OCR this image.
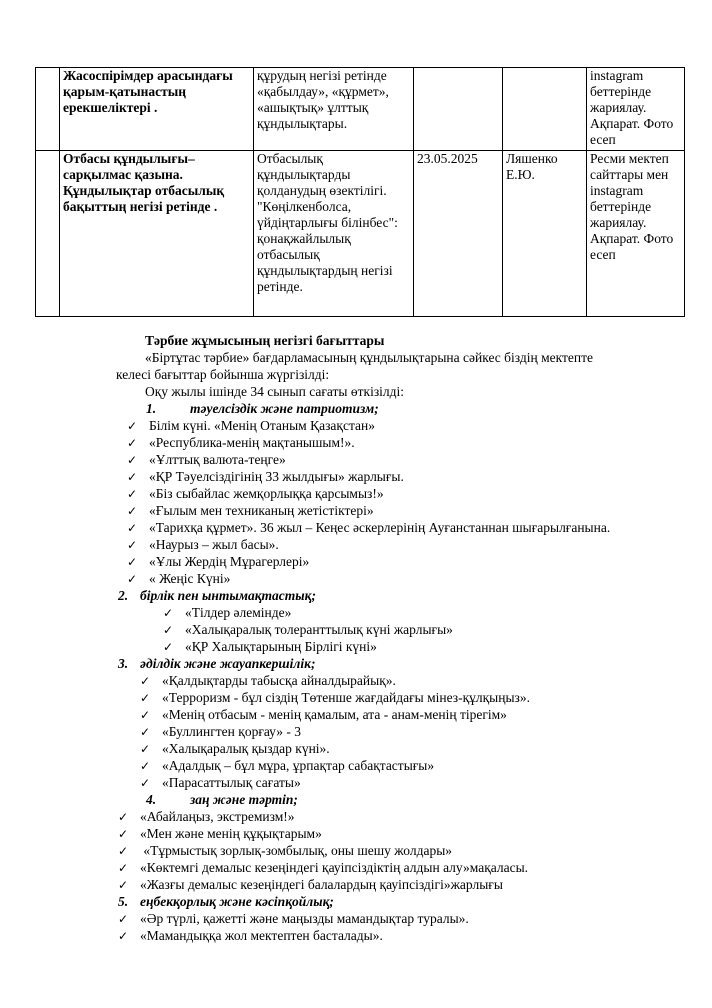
	Жасоспірімдер арасындағы қарым-қатынастың ерекшеліктері .	құрудың негізі ретінде «қабылдау», «құрмет», «ашықтық» ұлттық құндылықтары.			instagram беттерінде жариялау. Ақпарат. Фото есеп
	Отбасы құндылығы– сарқылмас қазына. Құндылықтар отбасылық бақыттың негізі ретінде .	Отбасылық құндылықтарды қолданудың өзектілігі. "Көңілкенболса, үйдіңтарлығы білінбес": қонақжайлылық отбасылық құндылықтардың негізі ретінде.	23.05.2025	Ляшенко Е.Ю.	Ресми мектеп сайттары мен instagram беттерінде жариялау. Ақпарат. Фото есеп
Тәрбие жұмысының негізгі бағыттары
«Біртұтас тәрбие» бағдарламасының құндылықтарына сәйкес біздің мектепте
келесі бағыттар бойынша жүргізілді:
Оқу жылы ішінде 34 сынып сағаты өткізілді:
1.	тәуелсіздік және патриотизм;
✓ Білім күні. «Менің Отаным Қазақстан»
✓ «Республика-менің мақтанышым!».
✓ «Ұлттық валюта-теңге»
✓ «ҚР Тәуелсіздігінің 33 жылдығы» жарлығы.
✓ «Біз сыбайлас жемқорлыққа қарсымыз!»
✓ «Ғылым мен техниканың жетістіктері»
✓ «Тарихқа құрмет». 36 жыл – Кеңес әскерлерінің Ауғанстаннан шығарылғанына.
✓ «Наурыз – жыл басы».
✓ «Ұлы Жердің Мұрагерлері»
✓ « Жеңіс Күні»
2. бірлік пен ынтымақтастық;
✓ «Тілдер әлемінде»
✓ «Халықаралық толеранттылық күні жарлығы»
✓ «ҚР Халықтарының Бірлігі күні»
3. әділдік және жауапкершілік;
✓ «Қалдықтарды табысқа айналдырайық».
✓ «Терроризм - бұл сіздің Төтенше жағдайдағы мінез-құлқыңыз».
✓ «Менің отбасым - менің қамалым, ата - анам-менің тірегім»
✓ «Буллингтен қорғау» - 3
✓ «Халықаралық қыздар күні».
✓ «Адалдық – бұл мұра, ұрпақтар сабақтастығы»
✓ «Парасаттылық сағаты»
4.	заң және тәртіп;
✓ «Абайлаңыз, экстремизм!»
✓ «Мен және менің құқықтарым»
✓ «Тұрмыстық зорлық-зомбылық, оны шешу жолдары»
✓ «Көктемгі демалыс кезеңіндегі қауіпсіздіктің алдын алу»мақаласы.
✓ «Жазғы демалыс кезеңіндегі балалардың қауіпсіздігі»жарлығы
5. еңбекқорлық және кәсіпқойлық;
✓ «Әр түрлі, қажетті және маңызды мамандықтар туралы».
✓ «Мамандыққа жол мектептен басталады».
